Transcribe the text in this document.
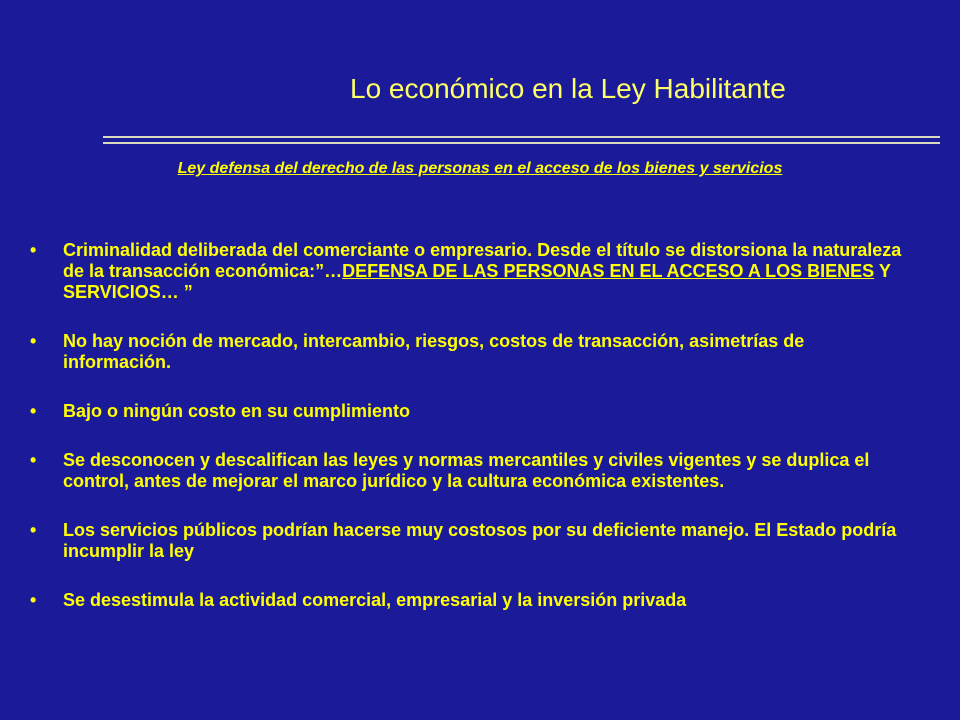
Lo económico en la Ley Habilitante
Ley defensa del derecho de las personas en el acceso de los bienes y servicios
• Criminalidad deliberada del comerciante o empresario. Desde el título se distorsiona la naturaleza de la transacción económica:”…DEFENSA DE LAS PERSONAS EN EL ACCESO A LOS BIENES Y SERVICIOS… ”
• No hay noción de mercado, intercambio, riesgos, costos de transacción, asimetrías de información.
• Bajo o ningún costo en su cumplimiento
• Se desconocen y descalifican las leyes y normas mercantiles y civiles vigentes y se duplica el control, antes de mejorar el marco jurídico y la cultura económica existentes.
• Los servicios públicos podrían hacerse muy costosos por su deficiente manejo. El Estado podría incumplir la ley
• Se desestimula la actividad comercial, empresarial y la inversión privada
